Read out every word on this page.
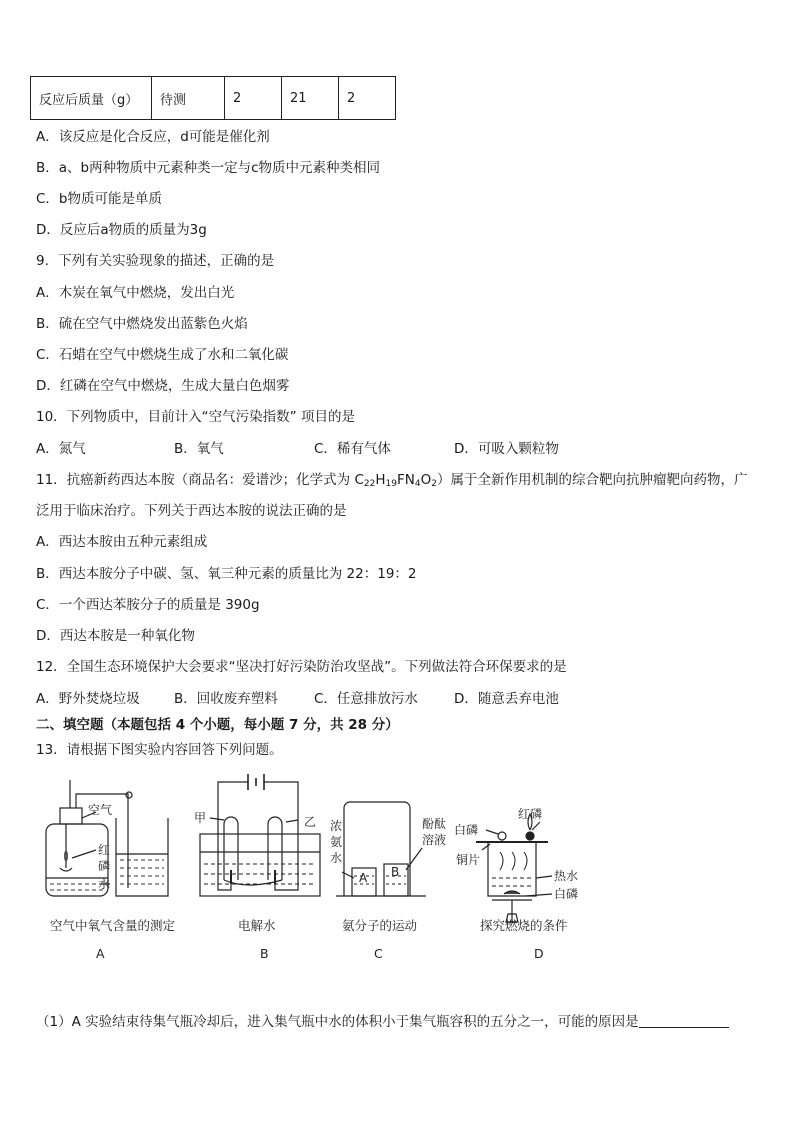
反应后质量（g）	待测	2	21	2
A．该反应是化合反应，d可能是催化剂
B．a、b两种物质中元素种类一定与c物质中元素种类相同
C．b物质可能是单质
D．反应后a物质的质量为3g
9．下列有关实验现象的描述，正确的是
A．木炭在氧气中燃烧，发出白光
B．硫在空气中燃烧发出蓝紫色火焰
C．石蜡在空气中燃烧生成了水和二氧化碳
D．红磷在空气中燃烧，生成大量白色烟雾
10．下列物质中，目前计入“空气污染指数” 项目的是
A．氮气	B．氧气	C．稀有气体	D．可吸入颗粒物
11．抗癌新药西达本胺（商品名：爱谱沙；化学式为 $C_{22}H_{19}FN_4O_2$）属于全新作用机制的综合靶向抗肿瘤靶向药物，广
泛用于临床治疗。下列关于西达本胺的说法正确的是
A．西达本胺由五种元素组成
B．西达本胺分子中碳、氢、氧三种元素的质量比为 22：19：2
C．一个西达苯胺分子的质量是 390g
D．西达本胺是一种氧化物
12．全国生态环境保护大会要求“坚决打好污染防治攻坚战”。下列做法符合环保要求的是
A．野外焚烧垃圾	B．回收废弃塑料	C．任意排放污水	D．随意丢弃电池
二、填空题（本题包括 4 个小题，每小题 7 分，共 28 分）
13．请根据下图实验内容回答下列问题。
空气
红
磷
水
甲	乙 浓
氨
水
酚酞
溶液
A B
红磷
白磷
铜片
热水
白磷
空气中氧气含量的测定	电解水	氨分子的运动	探究燃烧的条件
A	B	C	D
（1）A 实验结束待集气瓶冷却后，进入集气瓶中水的体积小于集气瓶容积的五分之一，可能的原因是
